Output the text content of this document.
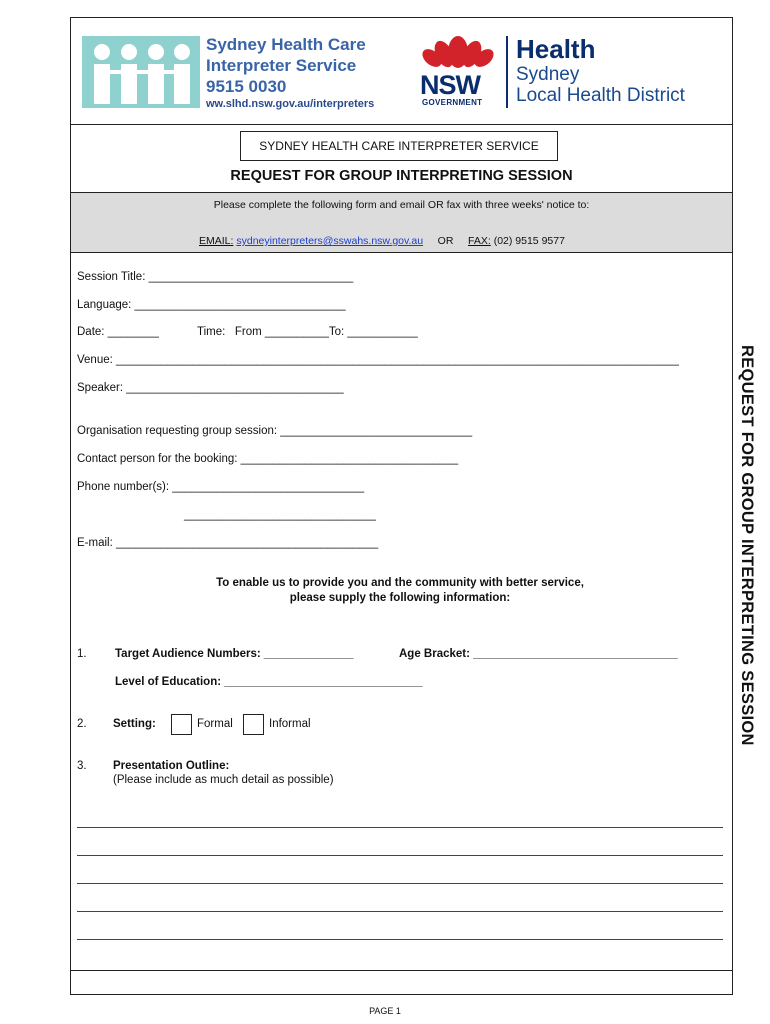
Sydney Health Care
Interpreter Service
9515 0030
ww.slhd.nsw.gov.au/interpreters
NSW
GOVERNMENT
Health
Sydney
Local Health District
SYDNEY HEALTH CARE INTERPRETER SERVICE
REQUEST FOR GROUP INTERPRETING SESSION
Please complete the following form and email OR fax with three weeks' notice to:
EMAIL: sydneyinterpreters@sswahs.nsw.gov.au OR FAX: (02) 9515 9577
Session Title: ________________________________
Language: _________________________________
Date: ________	Time:   From __________To: ___________
Venue: ________________________________________________________________________________________
Speaker: __________________________________
Organisation requesting group session: ______________________________
Contact person for the booking: __________________________________
Phone number(s): ______________________________
______________________________
E-mail: _________________________________________
To enable us to provide you and the community with better service,
please supply the following information:
1. Target Audience Numbers: ______________	Age Bracket: ________________________________
Level of Education: _______________________________
2. Setting:	Formal	Informal
3. Presentation Outline:
(Please include as much detail as possible)
REQUEST FOR GROUP INTERPRETING SESSION
PAGE 1
